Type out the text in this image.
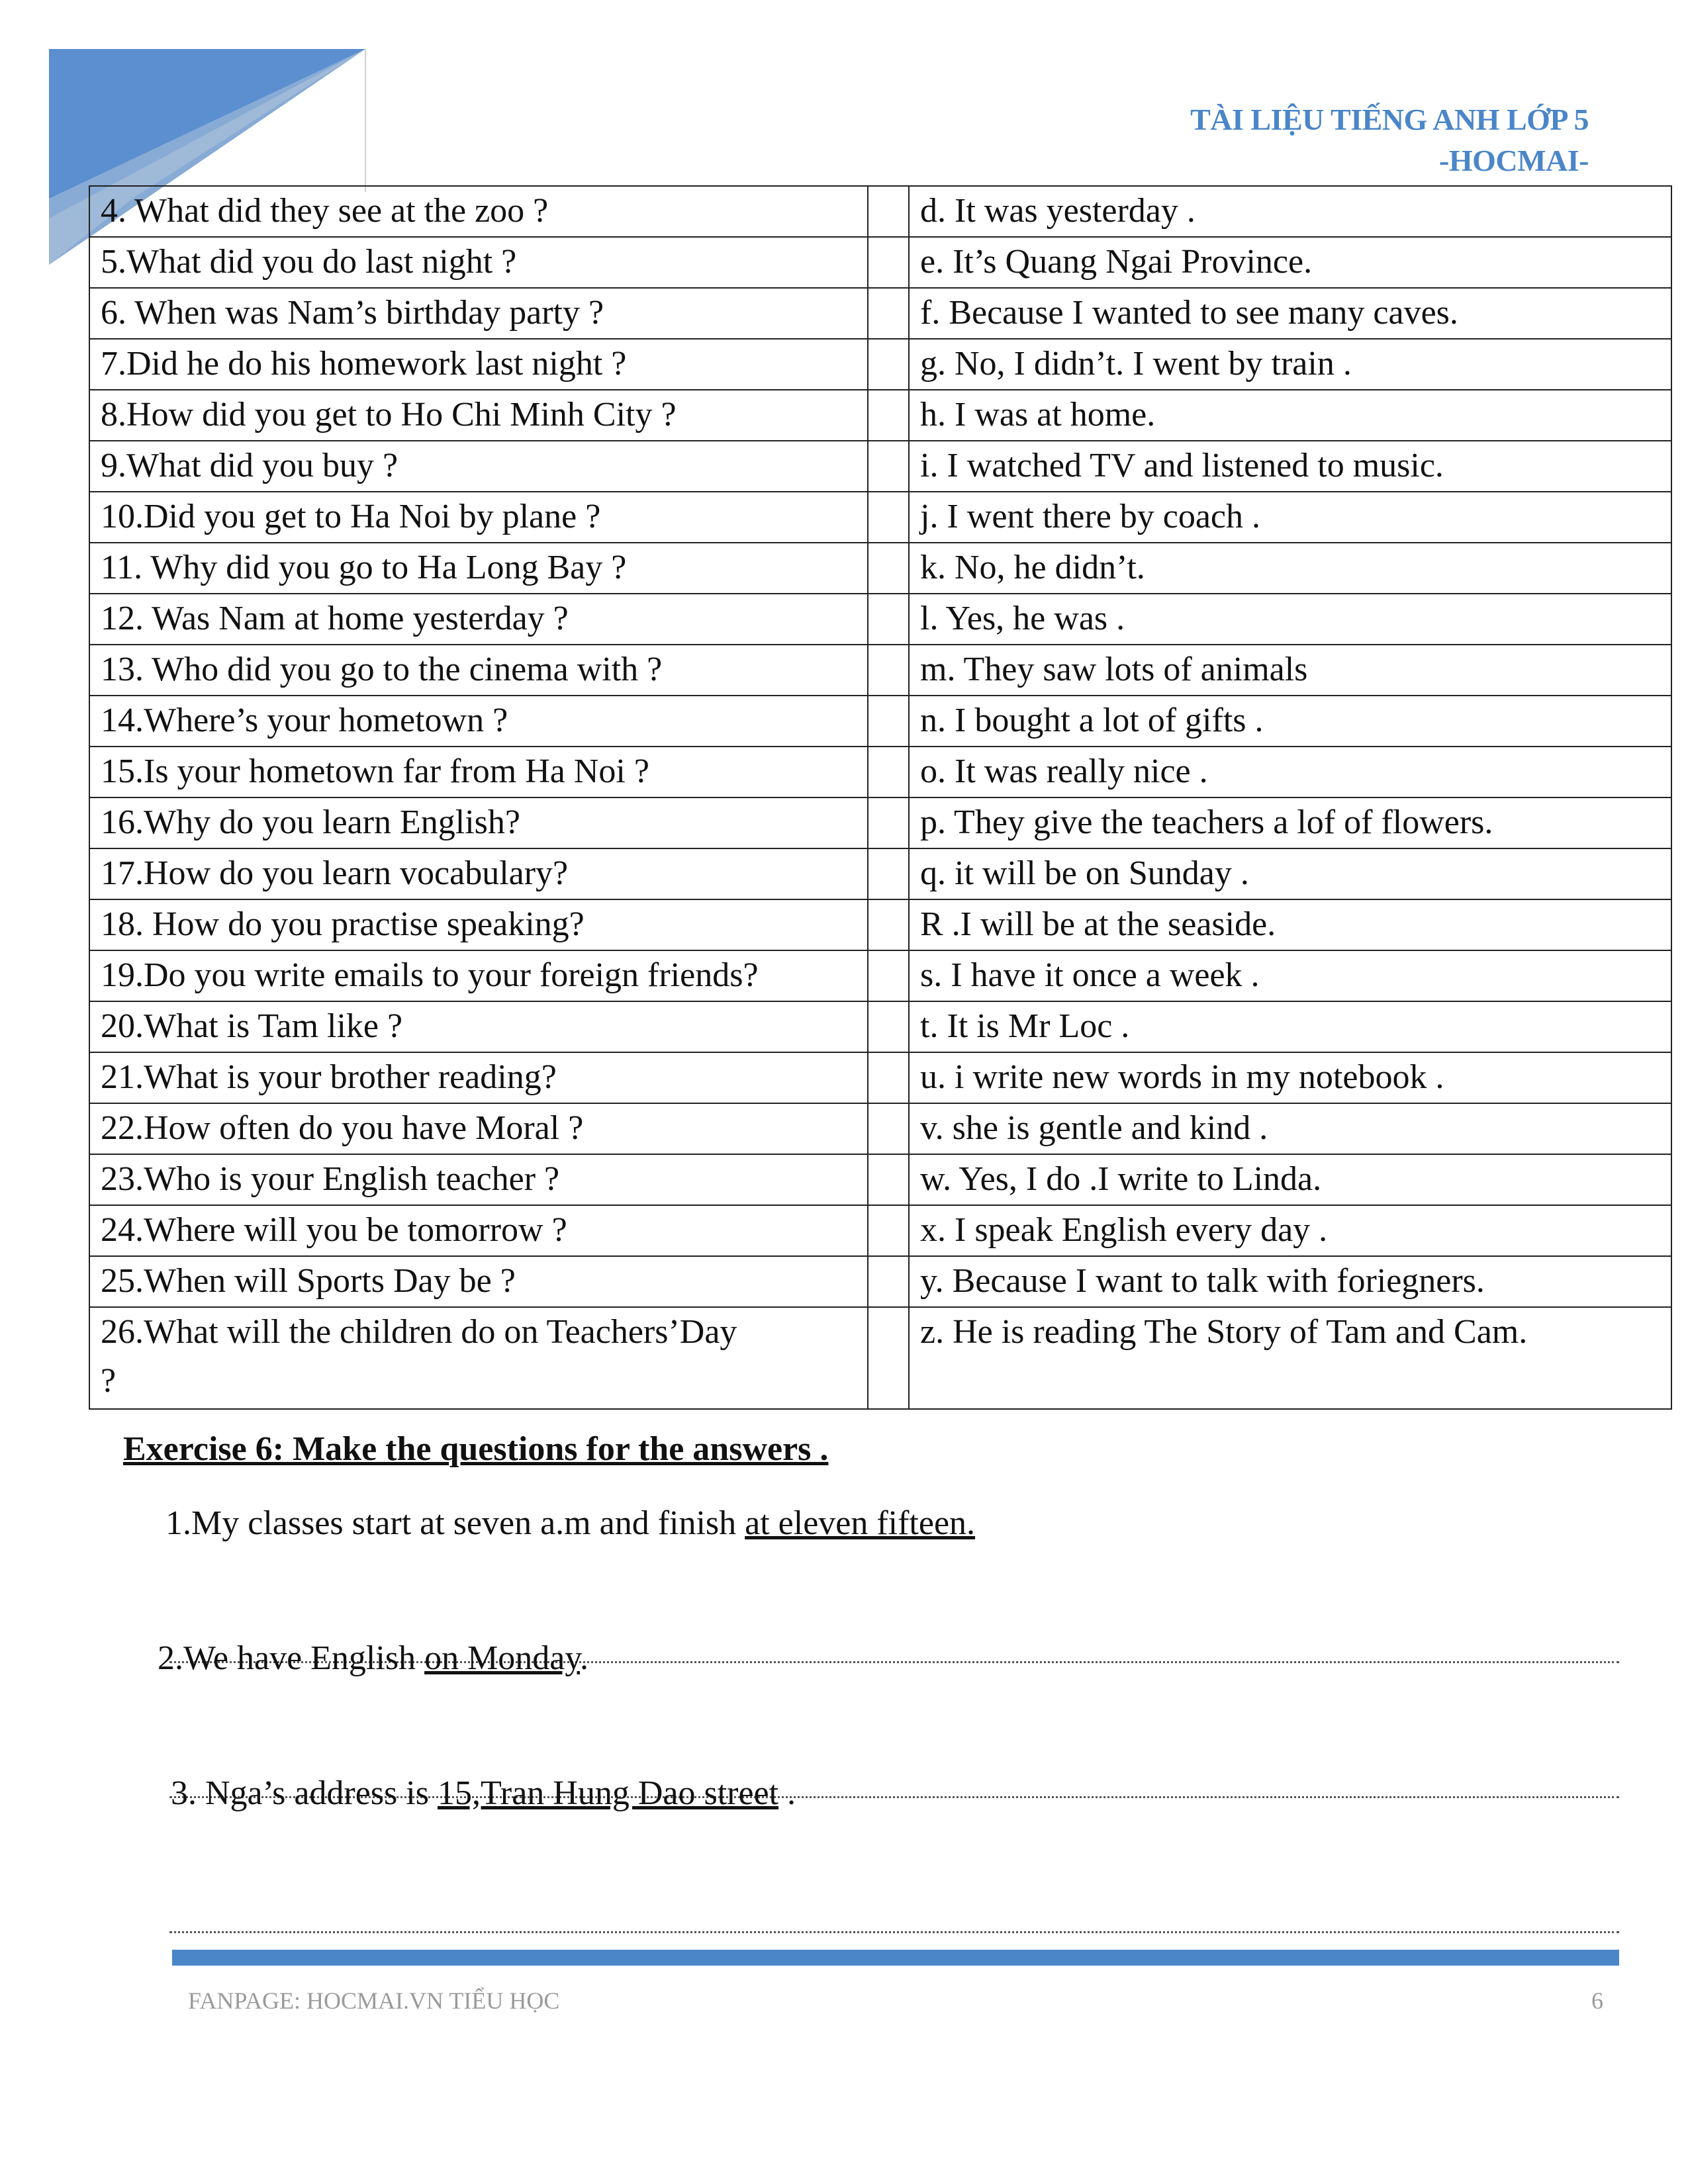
TÀI LIỆU TIẾNG ANH LỚP 5
-HOCMAI-
4. What did they see at the zoo ?		d. It was yesterday .
5.What did you do last night ?		e. It’s Quang Ngai Province.
6. When was Nam’s birthday party ?		f. Because I wanted to see many caves.
7.Did he do his homework last night ?		g. No, I didn’t. I went by train .
8.How did you get to Ho Chi Minh City ?		h. I was at home.
9.What did you buy ?		i. I watched TV and listened to music.
10.Did you get to Ha Noi by plane ?		j. I went there by coach .
11. Why did you go to Ha Long Bay ?		k. No, he didn’t.
12. Was Nam at home yesterday ?		l. Yes, he was .
13. Who did you go to the cinema with ?		m. They saw lots of animals
14.Where’s your hometown ?		n. I bought a lot of gifts .
15.Is your hometown far from Ha Noi ?		o. It was really nice .
16.Why do you learn English?		p. They give the teachers a lof of flowers.
17.How do you learn vocabulary?		q. it will be on Sunday .
18. How do you practise speaking?		R .I will be at the seaside.
19.Do you write emails to your foreign friends?		s. I have it once a week .
20.What is Tam like ?		t. It is Mr Loc .
21.What is your brother reading?		u. i write new words in my notebook .
22.How often do you have Moral ?		v. she is gentle and kind .
23.Who is your English teacher ?		w. Yes, I do .I write to Linda.
24.Where will you be tomorrow ?		x. I speak English every day .
25.When will Sports Day be ?		y. Because I want to talk with foriegners.

26.What will the children do on Teachers’Day
?		z. He is reading The Story of Tam and Cam.
Exercise 6: Make the questions for the answers .
1.My classes start at seven a.m and finish at eleven fifteen.
2.We have English on Monday.
3. Nga’s address is 15,Tran Hung Dao street .
FANPAGE: HOCMAI.VN TIỂU HỌC	6
